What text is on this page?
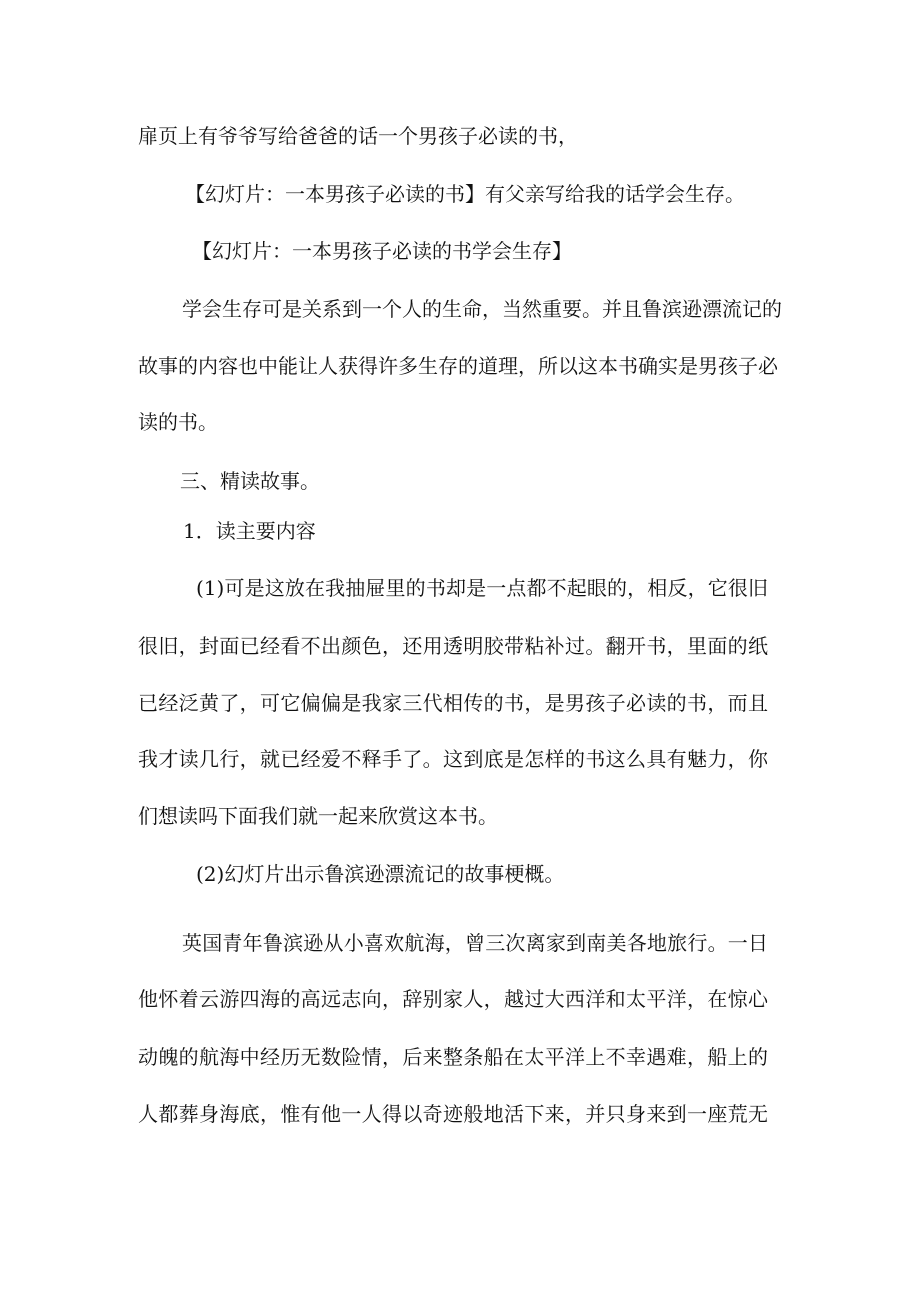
扉页上有爷爷写给爸爸的话一个男孩子必读的书，
【幻灯片：一本男孩子必读的书】有父亲写给我的话学会生存。
【幻灯片：一本男孩子必读的书学会生存】
学会生存可是关系到一个人的生命，当然重要。并且鲁滨逊漂流记的
故事的内容也中能让人获得许多生存的道理，所以这本书确实是男孩子必
读的书。
三、精读故事。
1．读主要内容
(1)可是这放在我抽屉里的书却是一点都不起眼的，相反，它很旧
很旧，封面已经看不出颜色，还用透明胶带粘补过。翻开书，里面的纸
已经泛黄了，可它偏偏是我家三代相传的书，是男孩子必读的书，而且
我才读几行，就已经爱不释手了。这到底是怎样的书这么具有魅力，你
们想读吗下面我们就一起来欣赏这本书。
(2)幻灯片出示鲁滨逊漂流记的故事梗概。
英国青年鲁滨逊从小喜欢航海，曾三次离家到南美各地旅行。一日
他怀着云游四海的高远志向，辞别家人，越过大西洋和太平洋，在惊心
动魄的航海中经历无数险情，后来整条船在太平洋上不幸遇难，船上的
人都葬身海底，惟有他一人得以奇迹般地活下来，并只身来到一座荒无
